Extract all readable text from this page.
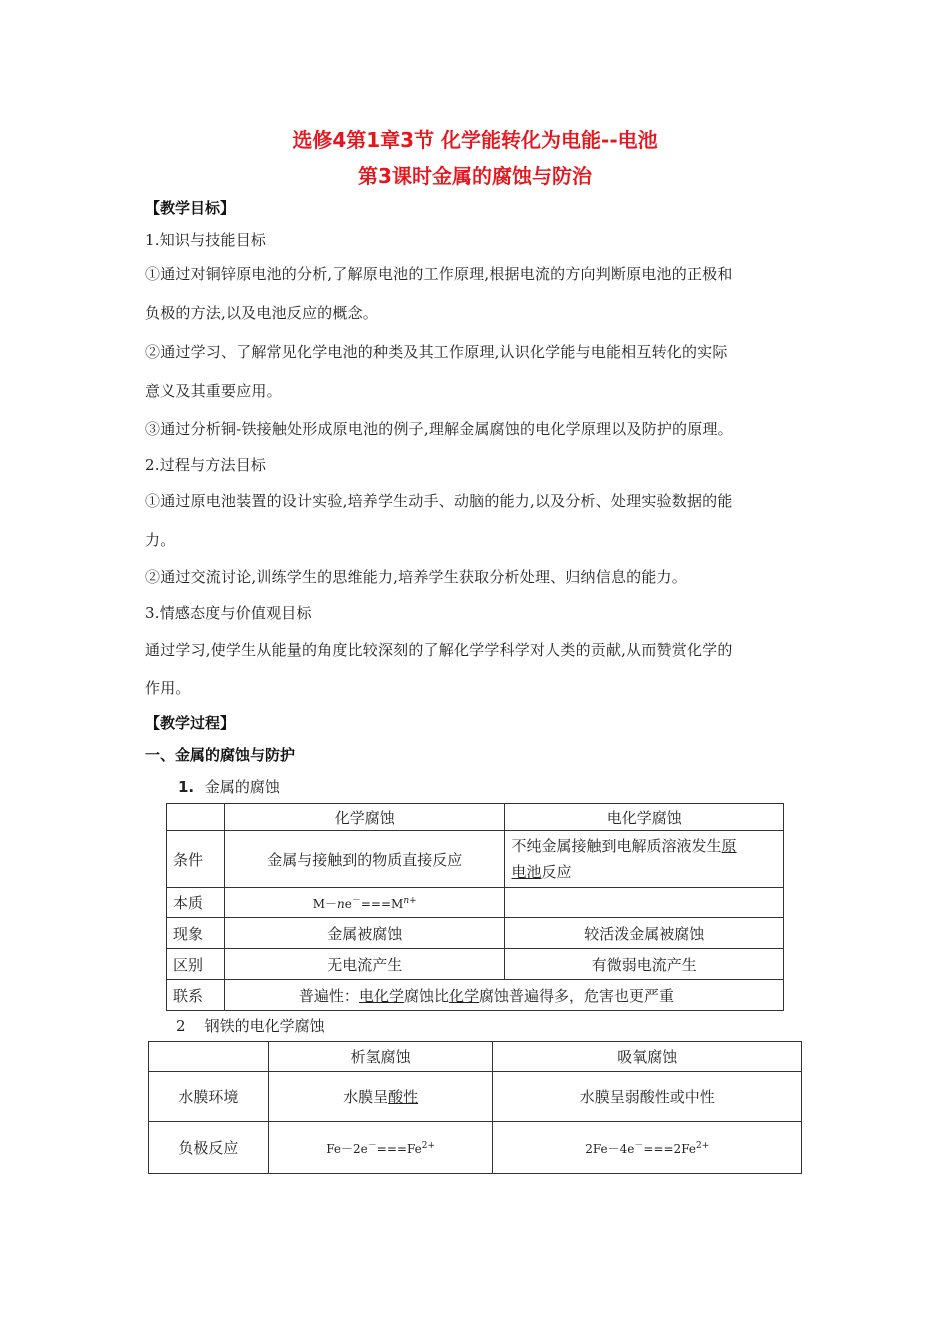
选修4第1章3节 化学能转化为电能--电池
第3课时金属的腐蚀与防治
【教学目标】
1.知识与技能目标
①通过对铜锌原电池的分析,了解原电池的工作原理,根据电流的方向判断原电池的正极和
负极的方法,以及电池反应的概念。
②通过学习、了解常见化学电池的种类及其工作原理,认识化学能与电能相互转化的实际
意义及其重要应用。
③通过分析铜-铁接触处形成原电池的例子,理解金属腐蚀的电化学原理以及防护的原理。
2.过程与方法目标
①通过原电池装置的设计实验,培养学生动手、动脑的能力,以及分析、处理实验数据的能
力。
②通过交流讨论,训练学生的思维能力,培养学生获取分析处理、归纳信息的能力。
3.情感态度与价值观目标
通过学习,使学生从能量的角度比较深刻的了解化学学科学对人类的贡献,从而赞赏化学的
作用。
【教学过程】
一、金属的腐蚀与防护
1. 金属的腐蚀
	化学腐蚀	电化学腐蚀
条件	金属与接触到的物质直接反应	不纯金属接触到电解质溶液发生原
电池反应
本质	$M-ne^-===M^{n+}$	
现象	金属被腐蚀	较活泼金属被腐蚀
区别	无电流产生	有微弱电流产生
联系	普遍性：电化学腐蚀比化学腐蚀普遍得多，危害也更严重	
2    钢铁的电化学腐蚀
	析氢腐蚀	吸氧腐蚀
水膜环境	水膜呈酸性	水膜呈弱酸性或中性
负极反应	$Fe-2e^-===Fe^{2+}$	$2Fe-4e^-===2Fe^{2+}$
